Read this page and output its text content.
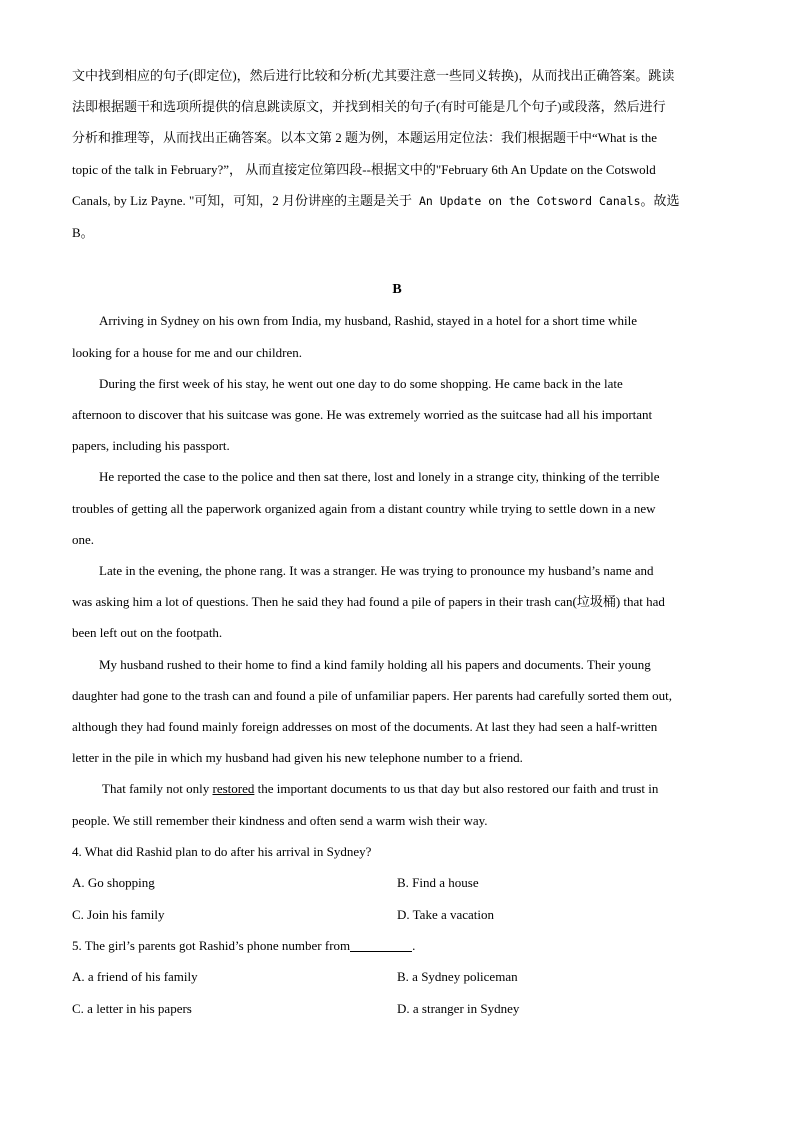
文中找到相应的句子(即定位)，然后进行比较和分析(尤其要注意一些同义转换)，从而找出正确答案。跳读
法即根据题干和选项所提供的信息跳读原文，并找到相关的句子(有时可能是几个句子)或段落，然后进行
分析和推理等，从而找出正确答案。以本文第 2 题为例，本题运用定位法：我们根据题干中“What is the
topic of the talk in February?”， 从而直接定位第四段--根据文中的"February 6th An Update on the Cotswold
Canals, by Liz Payne. "可知，可知，2 月份讲座的主题是关于 An Update on the Cotsword Canals。故选
B。
B
Arriving in Sydney on his own from India, my husband, Rashid, stayed in a hotel for a short time while
looking for a house for me and our children.
During the first week of his stay, he went out one day to do some shopping. He came back in the late
afternoon to discover that his suitcase was gone. He was extremely worried as the suitcase had all his important
papers, including his passport.
He reported the case to the police and then sat there, lost and lonely in a strange city, thinking of the terrible
troubles of getting all the paperwork organized again from a distant country while trying to settle down in a new
one.
Late in the evening, the phone rang. It was a stranger. He was trying to pronounce my husband’s name and
was asking him a lot of questions. Then he said they had found a pile of papers in their trash can(垃圾桶) that had
been left out on the footpath.
My husband rushed to their home to find a kind family holding all his papers and documents. Their young
daughter had gone to the trash can and found a pile of unfamiliar papers. Her parents had carefully sorted them out,
although they had found mainly foreign addresses on most of the documents. At last they had seen a half-written
letter in the pile in which my husband had given his new telephone number to a friend.
That family not only restored the important documents to us that day but also restored our faith and trust in
people. We still remember their kindness and often send a warm wish their way.
4. What did Rashid plan to do after his arrival in Sydney?
A. Go shopping	B. Find a house
C. Join his family	D. Take a vacation
5. The girl’s parents got Rashid’s phone number from	.
A. a friend of his family	B. a Sydney policeman
C. a letter in his papers	D. a stranger in Sydney
